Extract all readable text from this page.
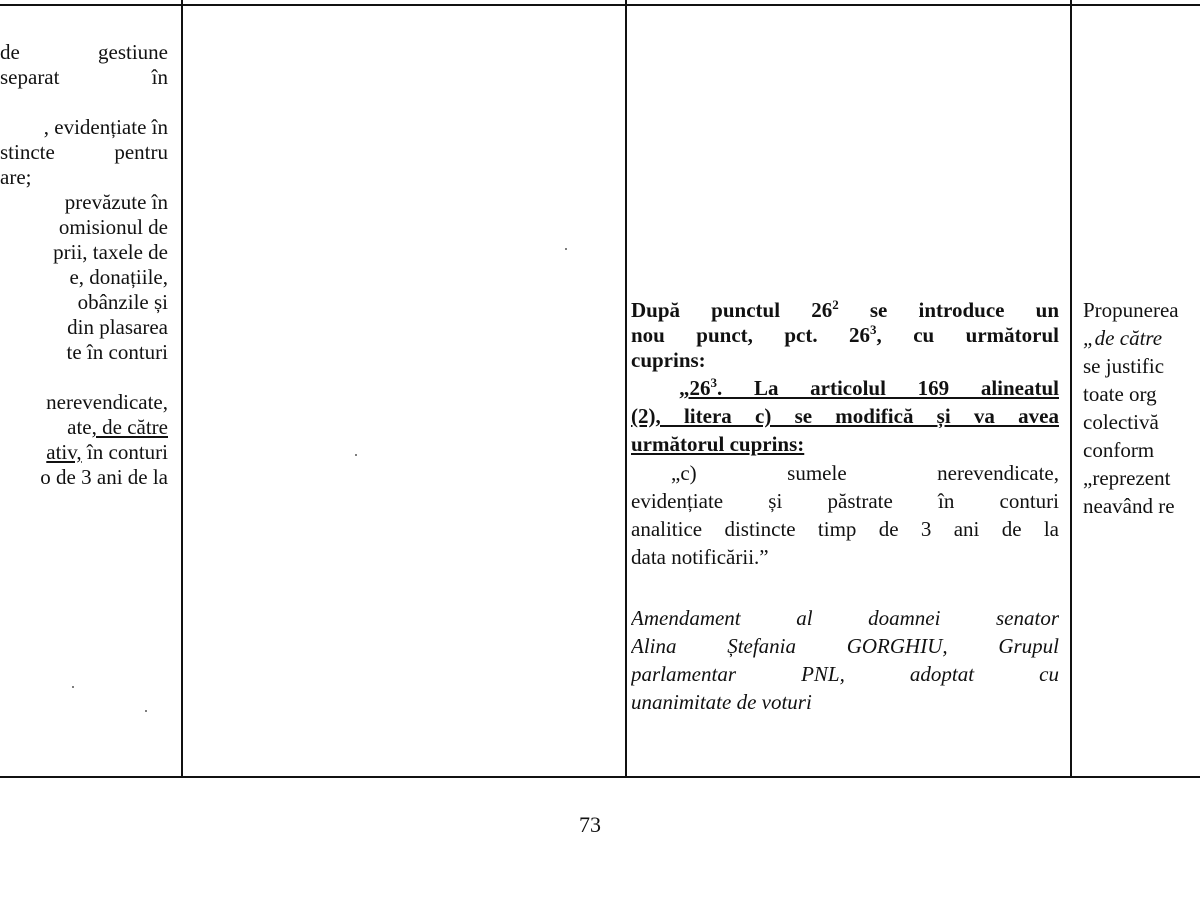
de gestiune
separat în
, evidențiate în
stincte pentru
are;
prevăzute în
omisionul de
prii, taxele de
e, donațiile,
obânzile și
din plasarea
te în conturi
nerevendicate,
ate, de către
ativ, în conturi
o de 3 ani de la
După punctul $26^2$ se introduce un
nou punct, pct. $26^3$, cu următorul
cuprins:
$„26^3$. La articolul 169 alineatul
(2), litera c) se modifică și va avea
următorul cuprins:
„c) sumele nerevendicate,
evidențiate și păstrate în conturi
analitice distincte timp de 3 ani de la
data notificării.”
Amendament al doamnei senator
Alina Ștefania GORGHIU, Grupul
parlamentar PNL, adoptat cu
unanimitate de voturi
Propunerea
„de către
se justific
toate org
colectivă
conform
„reprezent
neavând re
73
